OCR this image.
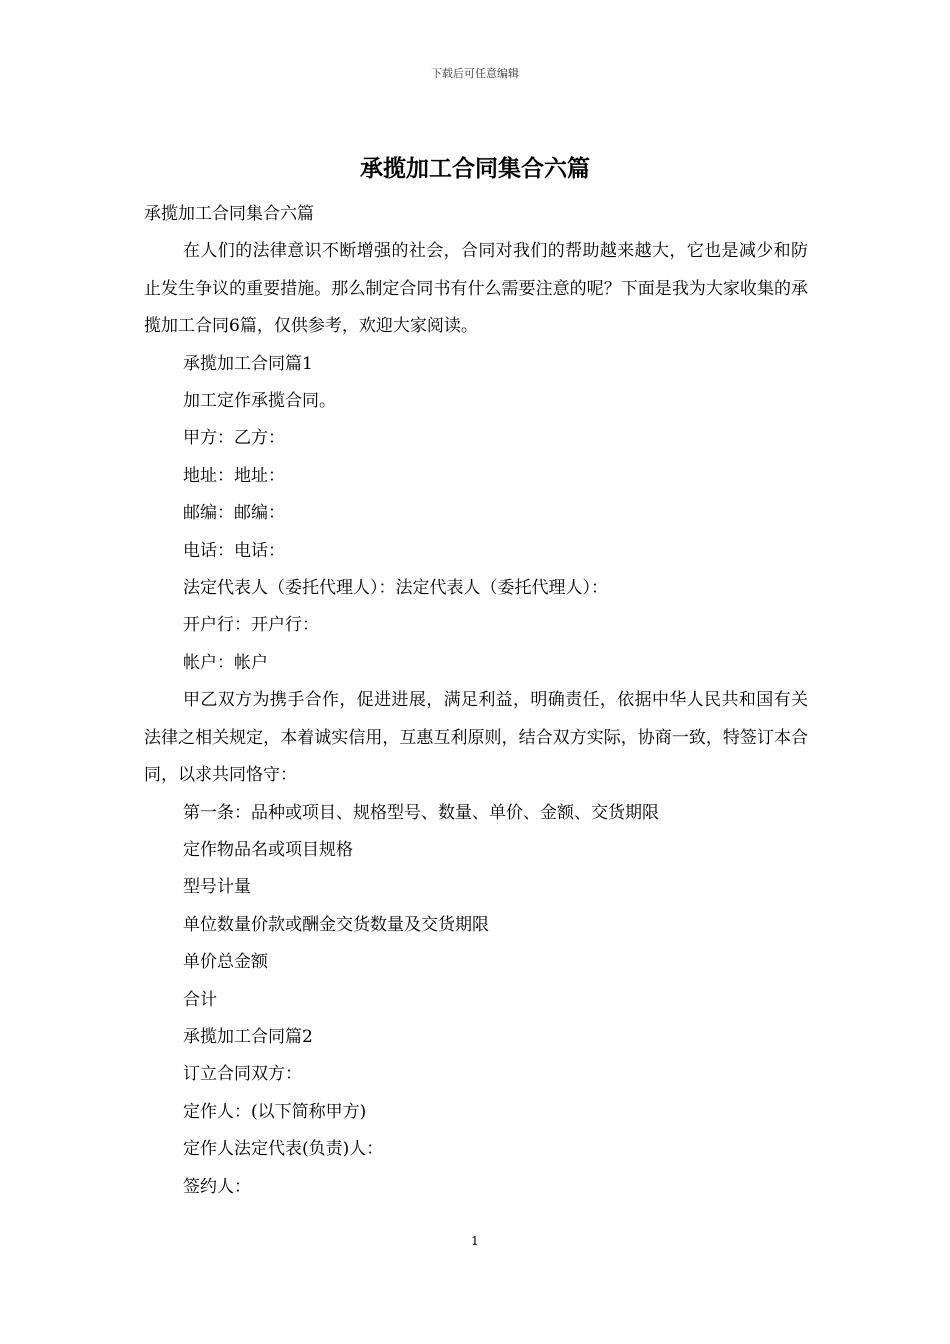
下载后可任意编辑
承揽加工合同集合六篇

承揽加工合同集合六篇

在人们的法律意识不断增强的社会，合同对我们的帮助越来越大，它也是减少和防止发生争议的重要措施。那么制定合同书有什么需要注意的呢？下面是我为大家收集的承揽加工合同6篇，仅供参考，欢迎大家阅读。

承揽加工合同篇1

加工定作承揽合同。

甲方：乙方：

地址：地址：

邮编：邮编：

电话：电话：

法定代表人（委托代理人）：法定代表人（委托代理人）：

开户行：开户行：

帐户：帐户

甲乙双方为携手合作，促进进展，满足利益，明确责任，依据中华人民共和国有关法律之相关规定，本着诚实信用，互惠互利原则，结合双方实际，协商一致，特签订本合同，以求共同恪守：

第一条：品种或项目、规格型号、数量、单价、金额、交货期限

定作物品名或项目规格

型号计量

单位数量价款或酬金交货数量及交货期限

单价总金额

合计

承揽加工合同篇2

订立合同双方：

定作人：(以下简称甲方)

定作人法定代表(负责)人：

签约人：

1
